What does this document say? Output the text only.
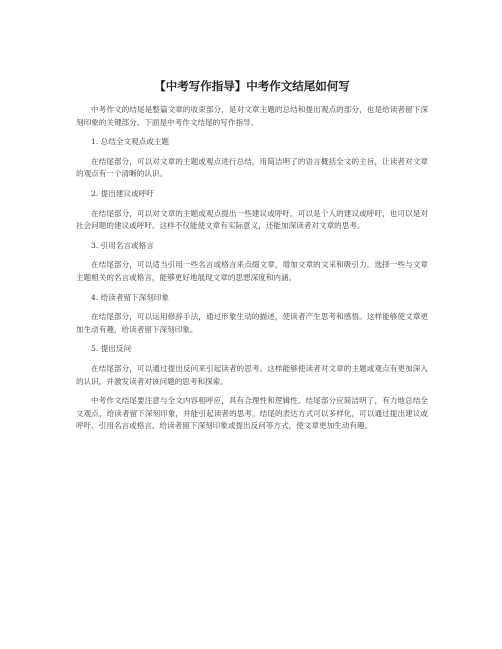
【中考写作指导】中考作文结尾如何写

中考作文的结尾是整篇文章的收束部分，是对文章主题的总结和提出观点的部分，也是给读者留下深刻印象的关键部分。下面是中考作文结尾的写作指导。

1. 总结全文观点或主题

在结尾部分，可以对文章的主题或观点进行总结，用简洁明了的语言概括全文的主旨，让读者对文章的观点有一个清晰的认识。

2. 提出建议或呼吁

在结尾部分，可以对文章的主题或观点提出一些建议或呼吁。可以是个人的建议或呼吁，也可以是对社会问题的建议或呼吁。这样不仅能使文章有实际意义，还能加深读者对文章的思考。

3. 引用名言或格言

在结尾部分，可以适当引用一些名言或格言来点缀文章，增加文章的文采和吸引力。选择一些与文章主题相关的名言或格言，能够更好地展现文章的思想深度和内涵。

4. 给读者留下深刻印象

在结尾部分，可以运用修辞手法，通过形象生动的描述，使读者产生思考和感悟。这样能够使文章更加生动有趣，给读者留下深刻印象。

5. 提出反问

在结尾部分，可以通过提出反问来引起读者的思考。这样能够使读者对文章的主题或观点有更加深入的认识，并激发读者对该问题的思考和探索。

中考作文结尾要注意与全文内容相呼应，具有合理性和逻辑性。结尾部分应简洁明了，有力地总结全文观点，给读者留下深刻印象，并能引起读者的思考。结尾的表达方式可以多样化，可以通过提出建议或呼吁、引用名言或格言、给读者留下深刻印象或提出反问等方式，使文章更加生动有趣。
